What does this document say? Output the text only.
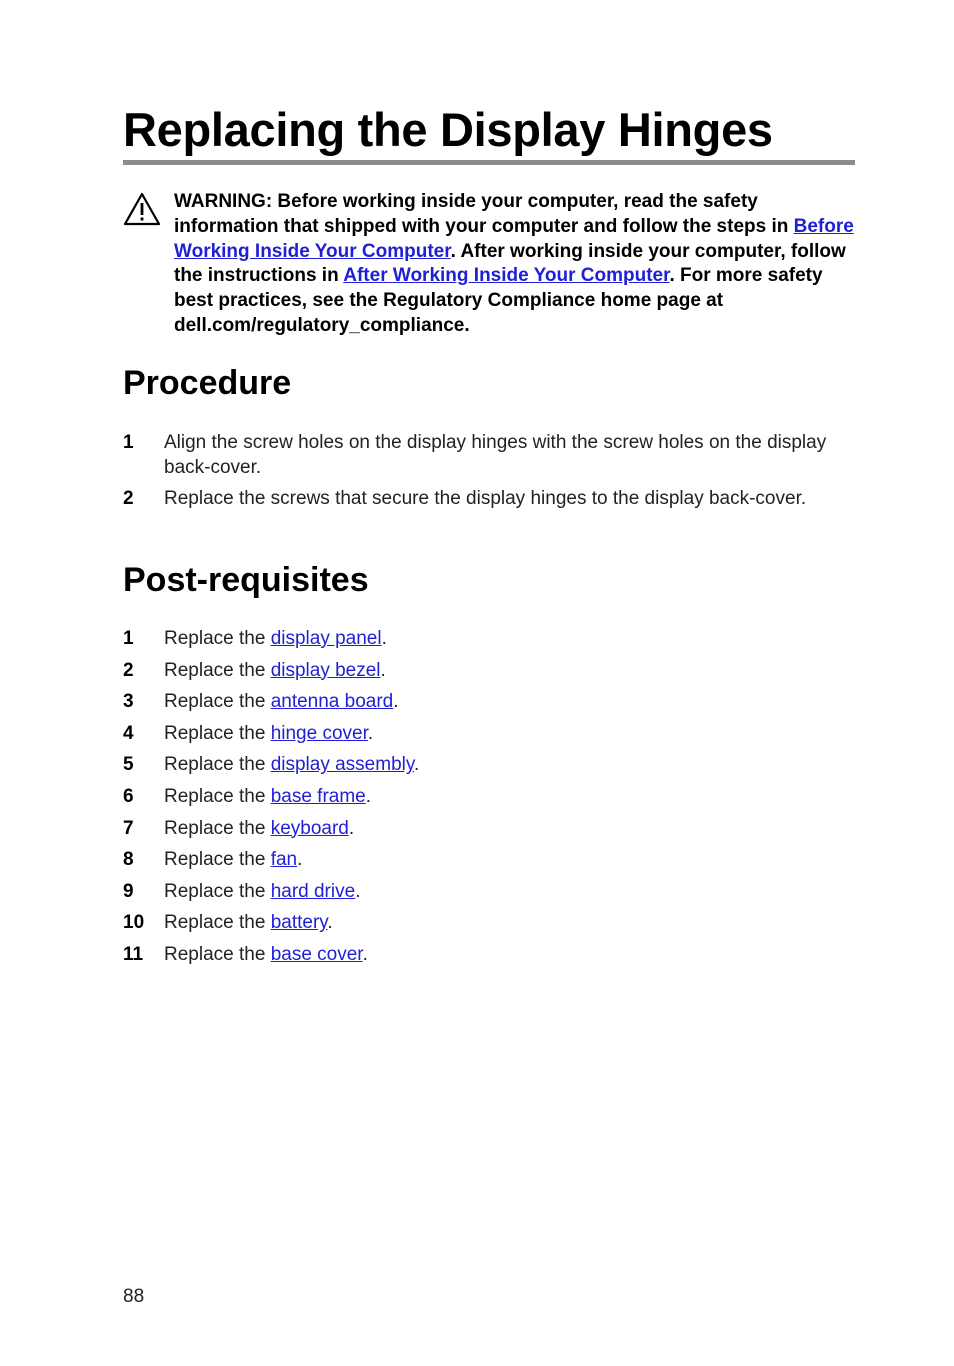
Replacing the Display Hinges
WARNING: Before working inside your computer, read the safety information that shipped with your computer and follow the steps in Before Working Inside Your Computer. After working inside your computer, follow the instructions in After Working Inside Your Computer. For more safety best practices, see the Regulatory Compliance home page at dell.com/regulatory_compliance.
Procedure
1 Align the screw holes on the display hinges with the screw holes on the display back-cover.
2 Replace the screws that secure the display hinges to the display back-cover.
Post-requisites
1 Replace the display panel.
2 Replace the display bezel.
3 Replace the antenna board.
4 Replace the hinge cover.
5 Replace the display assembly.
6 Replace the base frame.
7 Replace the keyboard.
8 Replace the fan.
9 Replace the hard drive.
10 Replace the battery.
11 Replace the base cover.
88
